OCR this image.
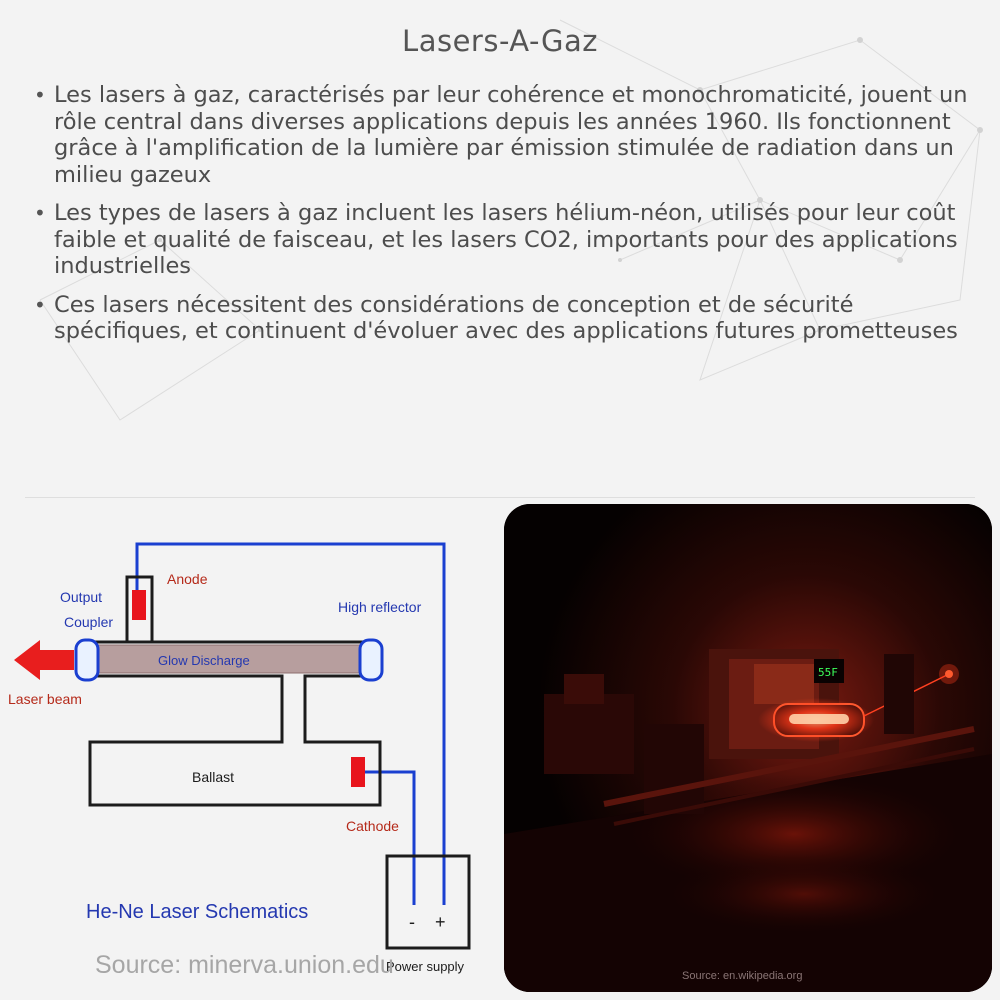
Lasers-A-Gaz
• Les lasers à gaz, caractérisés par leur cohérence et monochromaticité, jouent un rôle central dans diverses applications depuis les années 1960. Ils fonctionnent grâce à l'amplification de la lumière par émission stimulée de radiation dans un milieu gazeux
• Les types de lasers à gaz incluent les lasers hélium-néon, utilisés pour leur coût faible et qualité de faisceau, et les lasers CO2, importants pour des applications industrielles
• Ces lasers nécessitent des considérations de conception et de sécurité spécifiques, et continuent d'évoluer avec des applications futures prometteuses
Anode
Output
Coupler
High reflector
Glow Discharge
Laser beam
Ballast
Cathode
He-Ne Laser Schematics	- +
Power supply
Source: minerva.union.edu
55F
Source: en.wikipedia.org
